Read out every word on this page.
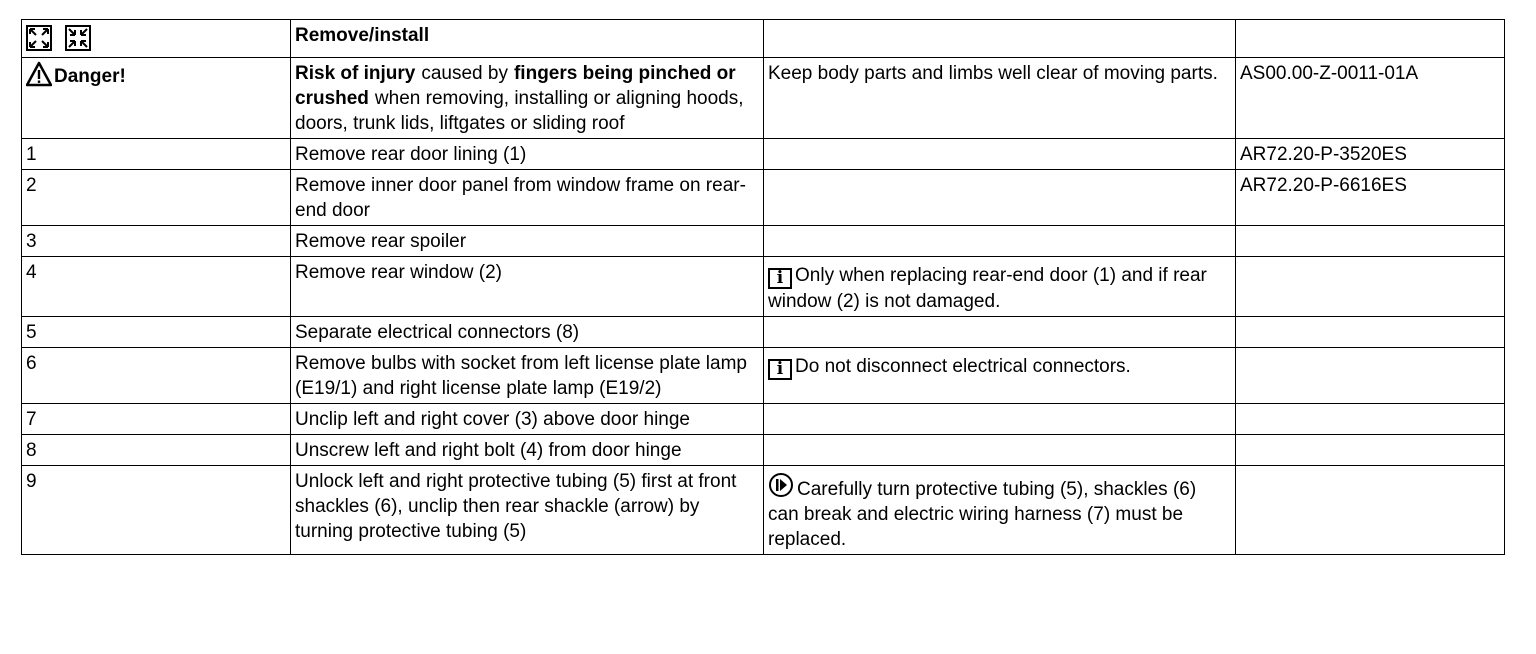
	Remove/install		
Danger!	Risk of injury caused by fingers being pinched or crushed when removing, installing or aligning hoods, doors, trunk lids, liftgates or sliding roof	Keep body parts and limbs well clear of moving parts.	AS00.00-Z-0011-01A
1	Remove rear door lining (1)		AR72.20-P-3520ES
2	Remove inner door panel from window frame on rear-end door		AR72.20-P-6616ES
3	Remove rear spoiler		
4	Remove rear window (2)	i Only when replacing rear-end door (1) and if rear window (2) is not damaged.	
5	Separate electrical connectors (8)		
6	Remove bulbs with socket from left license plate lamp (E19/1) and right license plate lamp (E19/2)	i Do not disconnect electrical connectors.	
7	Unclip left and right cover (3) above door hinge		
8	Unscrew left and right bolt (4) from door hinge		
9	Unlock left and right protective tubing (5) first at front shackles (6), unclip then rear shackle (arrow) by turning protective tubing (5)	Carefully turn protective tubing (5), shackles (6) can break and electric wiring harness (7) must be replaced.	
